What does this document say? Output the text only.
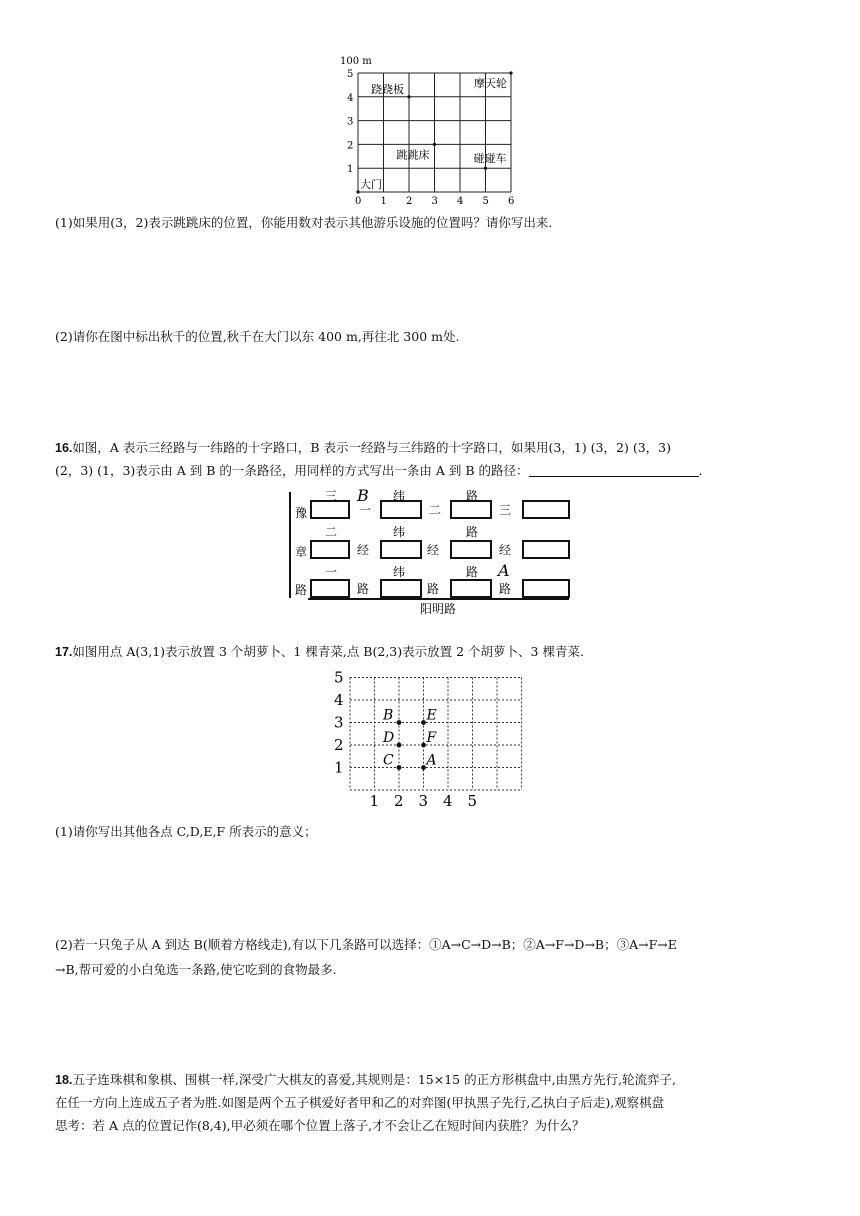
100 m
0 1 2 3 4 5 6
1
2
3
4
5
跷跷板	摩天轮
跳跳床	碰碰车
大门
(1)如果用(3，2)表示跳跳床的位置，你能用数对表示其他游乐设施的位置吗？请你写出来.
(2)请你在图中标出秋千的位置,秋千在大门以东 400 m,再往北 300 m处.
16.如图，A 表示三经路与一纬路的十字路口，B 表示一经路与三纬路的十字路口，如果用(3，1) (3，2) (3，3)
(2，3) (1，3)表示由 A 到 B 的一条路径，用同样的方式写出一条由 A 到 B 的路径：	.
豫
章
路
三 B 纬	路
一	二	三
二	纬	路
经	经	经
一	纬	路 A
路	路	路
阳明路
17.如图用点 A(3,1)表示放置 3 个胡萝卜、1 棵青菜,点 B(2,3)表示放置 2 个胡萝卜、3 棵青菜.
1 2 3 4 5
1
2
3
4
5
B E
D F
C A
(1)请你写出其他各点 C,D,E,F 所表示的意义；
(2)若一只兔子从 A 到达 B(顺着方格线走),有以下几条路可以选择：①A→C→D→B；②A→F→D→B；③A→F→E
→B,帮可爱的小白兔选一条路,使它吃到的食物最多.
18.五子连珠棋和象棋、围棋一样,深受广大棋友的喜爱,其规则是：15×15 的正方形棋盘中,由黑方先行,轮流弈子,
在任一方向上连成五子者为胜.如图是两个五子棋爱好者甲和乙的对弈图(甲执黑子先行,乙执白子后走),观察棋盘
思考：若 A 点的位置记作(8,4),甲必须在哪个位置上落子,才不会让乙在短时间内获胜？为什么？
